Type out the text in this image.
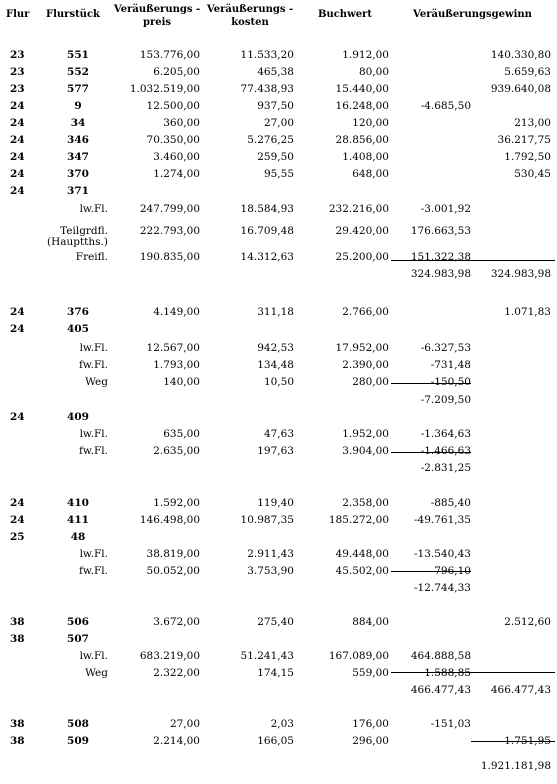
Flur Flurstück Veräußerungs -
preis
Veräußerungs -
kosten
Buchwert	Veräußerungsgewinn
23	551	153.776,00	11.533,20	1.912,00	140.330,80
23	552	6.205,00	465,38	80,00	5.659,63
23	577	1.032.519,00	77.438,93	15.440,00	939.640,08
24	9	12.500,00	937,50	16.248,00	-4.685,50
24	34	360,00	27,00	120,00	213,00
24	346	70.350,00	5.276,25	28.856,00	36.217,75
24	347	3.460,00	259,50	1.408,00	1.792,50
24	370	1.274,00	95,55	648,00	530,45
24	371
lw.Fl.	247.799,00	18.584,93	232.216,00	-3.001,92
Teilgrdfl.	222.793,00	16.709,48	29.420,00 176.663,53
(Hauptths.)
Freifl.	190.835,00	14.312,63	25.200,00 151.322,38
324.983,98 324.983,98
24	376	4.149,00	311,18	2.766,00	1.071,83
24	405
lw.Fl.	12.567,00	942,53	17.952,00	-6.327,53
fw.Fl.	1.793,00	134,48	2.390,00	-731,48
Weg	140,00	10,50	280,00	-150,50
-7.209,50
24	409
lw.Fl.	635,00	47,63	1.952,00	-1.364,63
fw.Fl.	2.635,00	197,63	3.904,00	-1.466,63
-2.831,25
24	410	1.592,00	119,40	2.358,00	-885,40
24	411	146.498,00	10.987,35	185.272,00 -49.761,35
25	48
lw.Fl.	38.819,00	2.911,43	49.448,00 -13.540,43
fw.Fl.	50.052,00	3.753,90	45.502,00	796,10
-12.744,33
38	506	3.672,00	275,40	884,00	2.512,60
38	507
lw.Fl.	683.219,00	51.241,43	167.089,00 464.888,58
Weg	2.322,00	174,15	559,00	1.588,85
466.477,43 466.477,43
38	508	27,00	2,03	176,00	-151,03
38	509	2.214,00	166,05	296,00	1.751,95
1.921.181,98
